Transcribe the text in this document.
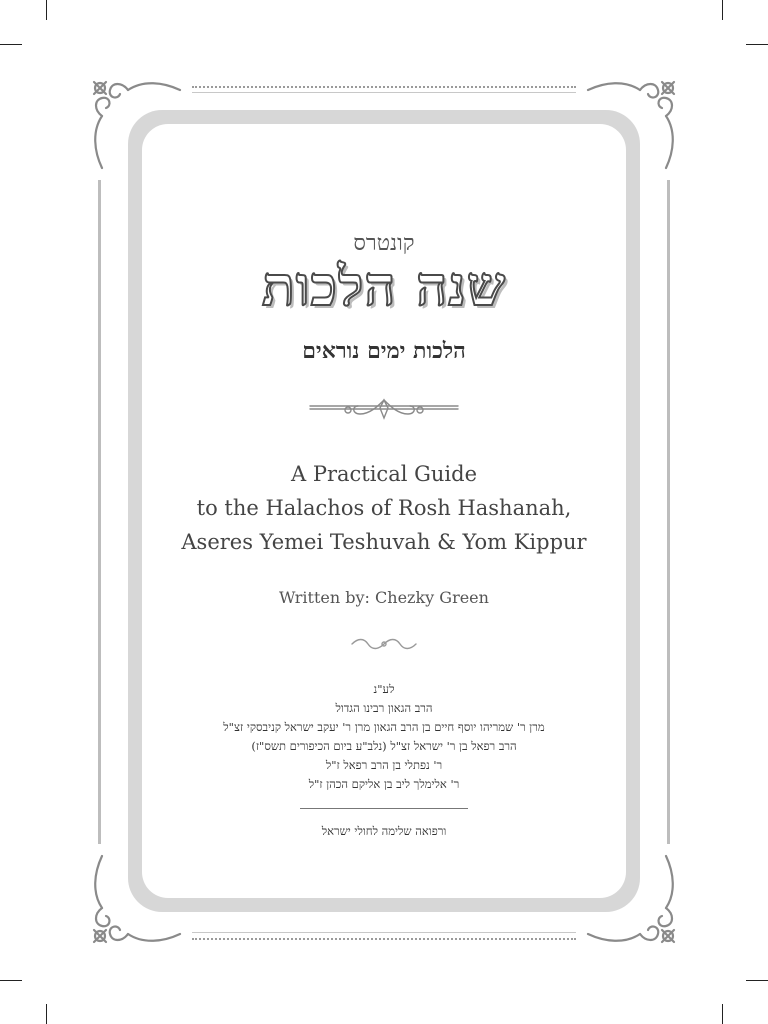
קונטרס
שנה הלכות
הלכות ימים נוראים
A Practical Guide
to the Halachos of Rosh Hashanah,
Aseres Yemei Teshuvah & Yom Kippur
Written by: Chezky Green
לע"נ
הרב הגאון רבינו הגדול
מרן ר' שמריהו יוסף חיים בן הרב הגאון מרן ר' יעקב ישראל קניבסקי זצ"ל
הרב רפאל בן ר' ישראל זצ"ל (נלב"ע ביום הכיפורים תשס"ז)
ר' נפתלי בן הרב רפאל ז"ל
ר' אלימלך ליב בן אליקם הכהן ז"ל
ורפואה שלימה לחולי ישראל
